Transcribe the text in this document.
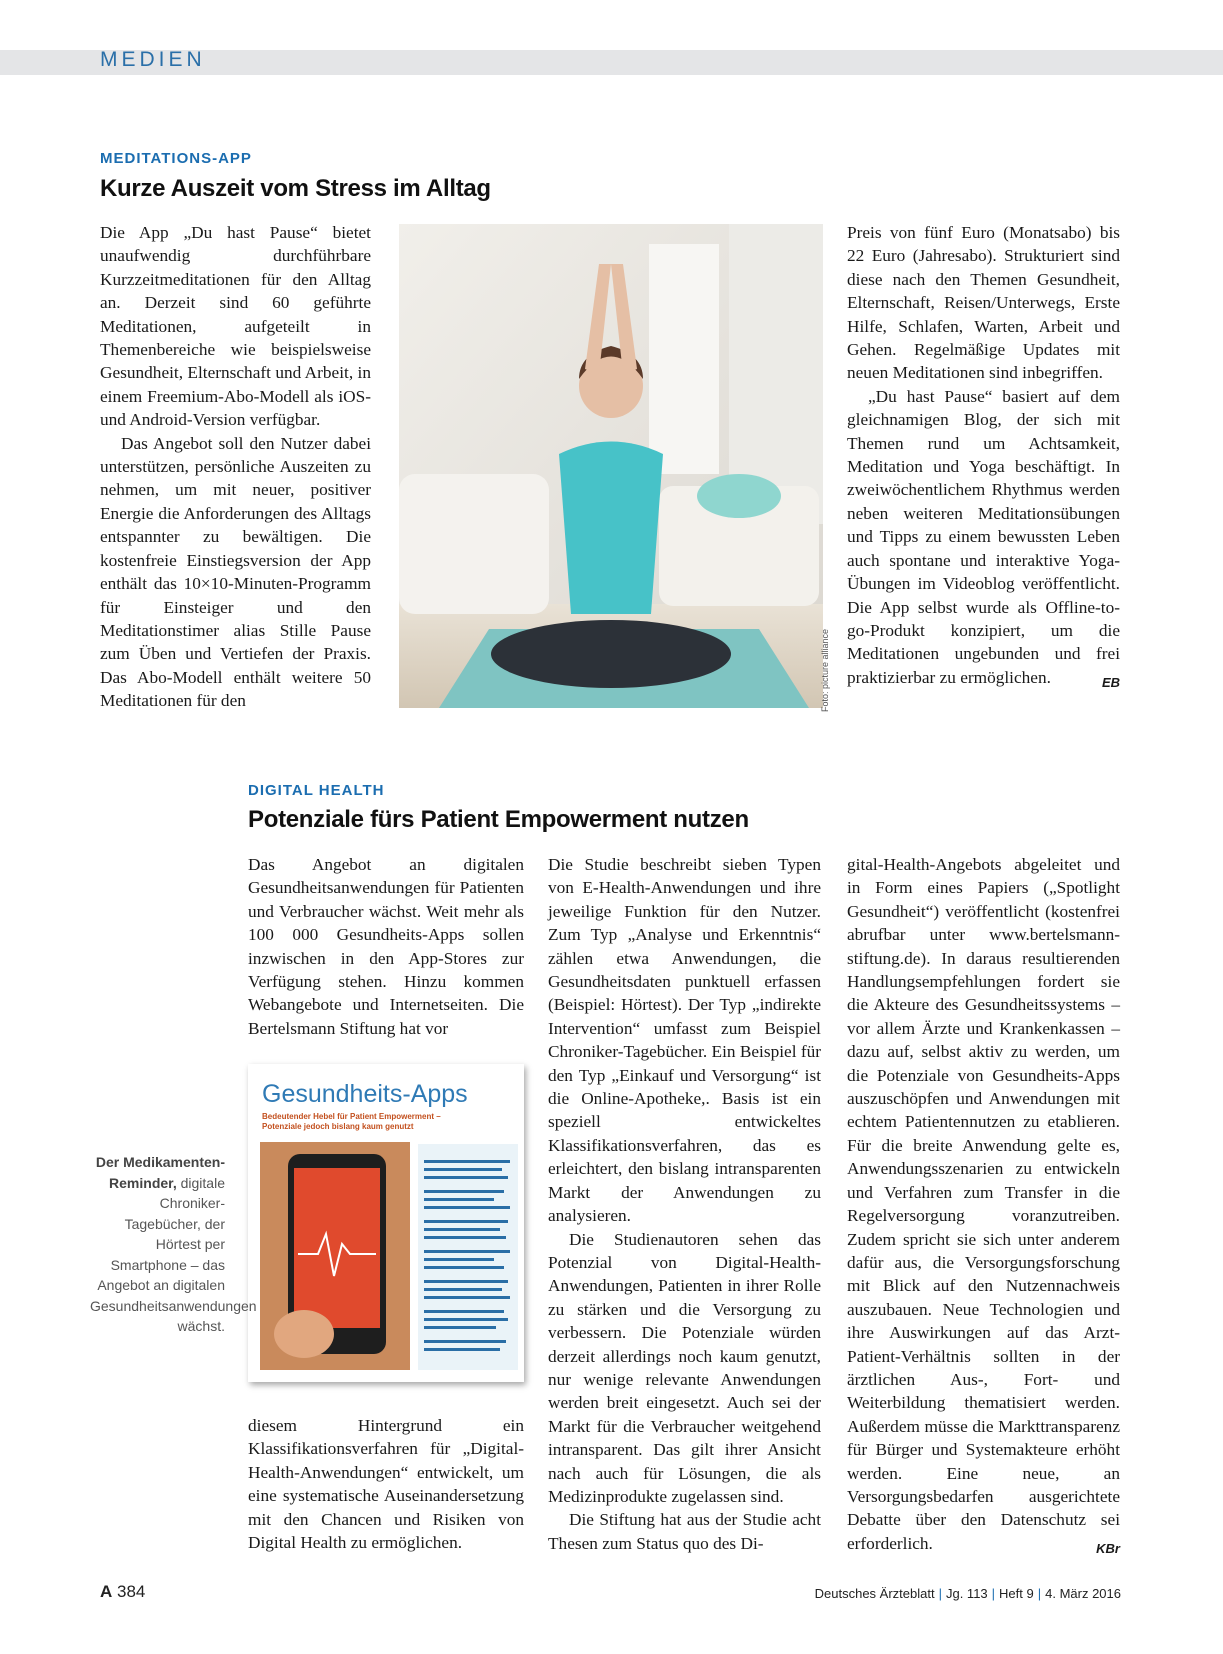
MEDIEN
MEDITATIONS-APP
Kurze Auszeit vom Stress im Alltag

Die App „Du hast Pause“ bietet unaufwendig durchführbare Kurzzeitmeditationen für den Alltag an. Derzeit sind 60 geführte Meditationen, aufgeteilt in Themenbereiche wie beispielsweise Gesundheit, Elternschaft und Arbeit, in einem Freemium-Abo-Modell als iOS- und Android-Version verfügbar.

Das Angebot soll den Nutzer dabei unterstützen, persönliche Auszeiten zu nehmen, um mit neuer, positiver Energie die Anforderungen des Alltags entspannter zu bewältigen. Die kostenfreie Einstiegsversion der App enthält das 10×10-Minuten-Programm für Einsteiger und den Meditationstimer alias Stille Pause zum Üben und Vertiefen der Praxis. Das Abo-Modell enthält weitere 50 Meditationen für den	Foto: picture alliance

Preis von fünf Euro (Monatsabo) bis 22 Euro (Jahresabo). Strukturiert sind diese nach den Themen Gesundheit, Elternschaft, Reisen/Unterwegs, Erste Hilfe, Schlafen, Warten, Arbeit und Gehen. Regelmäßige Updates mit neuen Meditationen sind inbegriffen.

„Du hast Pause“ basiert auf dem gleichnamigen Blog, der sich mit Themen rund um Achtsamkeit, Meditation und Yoga beschäftigt. In zweiwöchentlichem Rhythmus werden neben weiteren Meditationsübungen und Tipps zu einem bewussten Leben auch spontane und interaktive Yoga-Übungen im Videoblog veröffentlicht. Die App selbst wurde als Offline-to-go-Produkt konzipiert, um die Meditationen ungebunden und frei praktizierbar zu ermöglichen.	EB

DIGITAL HEALTH
Potenziale fürs Patient Empowerment nutzen

Das Angebot an digitalen Gesundheitsanwendungen für Patienten und Verbraucher wächst. Weit mehr als 100 000 Gesundheits-Apps sollen inzwischen in den App-Stores zur Verfügung stehen. Hinzu kommen Webangebote und Internetseiten. Die Bertelsmann Stiftung hat vor

Gesundheits-Apps
Bedeutender Hebel für Patient Empowerment – Potenziale jedoch bislang kaum genutzt
Der Medikamenten-Reminder, digitale Chroniker-Tagebücher, der Hörtest per Smartphone – das Angebot an digitalen Gesundheitsanwendungen wächst.

diesem Hintergrund ein Klassifikationsverfahren für „Digital-Health-Anwendungen“ entwickelt, um eine systematische Auseinandersetzung mit den Chancen und Risiken von Digital Health zu ermöglichen.

Die Studie beschreibt sieben Typen von E-Health-Anwendungen und ihre jeweilige Funktion für den Nutzer. Zum Typ „Analyse und Erkenntnis“ zählen etwa Anwendungen, die Gesundheitsdaten punktuell erfassen (Beispiel: Hörtest). Der Typ „indirekte Intervention“ umfasst zum Beispiel Chroniker-Tagebücher. Ein Beispiel für den Typ „Einkauf und Versorgung“ ist die Online-Apotheke,. Basis ist ein speziell entwickeltes Klassifikationsverfahren, das es erleichtert, den bislang intransparenten Markt der Anwendungen zu analysieren.

Die Studienautoren sehen das Potenzial von Digital-Health-Anwendungen, Patienten in ihrer Rolle zu stärken und die Versorgung zu verbessern. Die Potenziale würden derzeit allerdings noch kaum genutzt, nur wenige relevante Anwendungen werden breit eingesetzt. Auch sei der Markt für die Verbraucher weitgehend intransparent. Das gilt ihrer Ansicht nach auch für Lösungen, die als Medizinprodukte zugelassen sind.

Die Stiftung hat aus der Studie acht Thesen zum Status quo des Di-

gital-Health-Angebots abgeleitet und in Form eines Papiers („Spotlight Gesundheit“) veröffentlicht (kostenfrei abrufbar unter www.bertelsmann-stiftung.de). In daraus resultierenden Handlungsempfehlungen fordert sie die Akteure des Gesundheitssystems – vor allem Ärzte und Krankenkassen – dazu auf, selbst aktiv zu werden, um die Potenziale von Gesundheits-Apps auszuschöpfen und Anwendungen mit echtem Patientennutzen zu etablieren. Für die breite Anwendung gelte es, Anwendungsszenarien zu entwickeln und Verfahren zum Transfer in die Regelversorgung voranzutreiben. Zudem spricht sie sich unter anderem dafür aus, die Versorgungsforschung mit Blick auf den Nutzennachweis auszubauen. Neue Technologien und ihre Auswirkungen auf das Arzt-Patient-Verhältnis sollten in der ärztlichen Aus-, Fort- und Weiterbildung thematisiert werden. Außerdem müsse die Markttransparenz für Bürger und Systemakteure erhöht werden. Eine neue, an Versorgungsbedarfen ausgerichtete Debatte über den Datenschutz sei erforderlich.	KBr

A 384	Deutsches Ärzteblatt | Jg. 113 | Heft 9 | 4. März 2016
